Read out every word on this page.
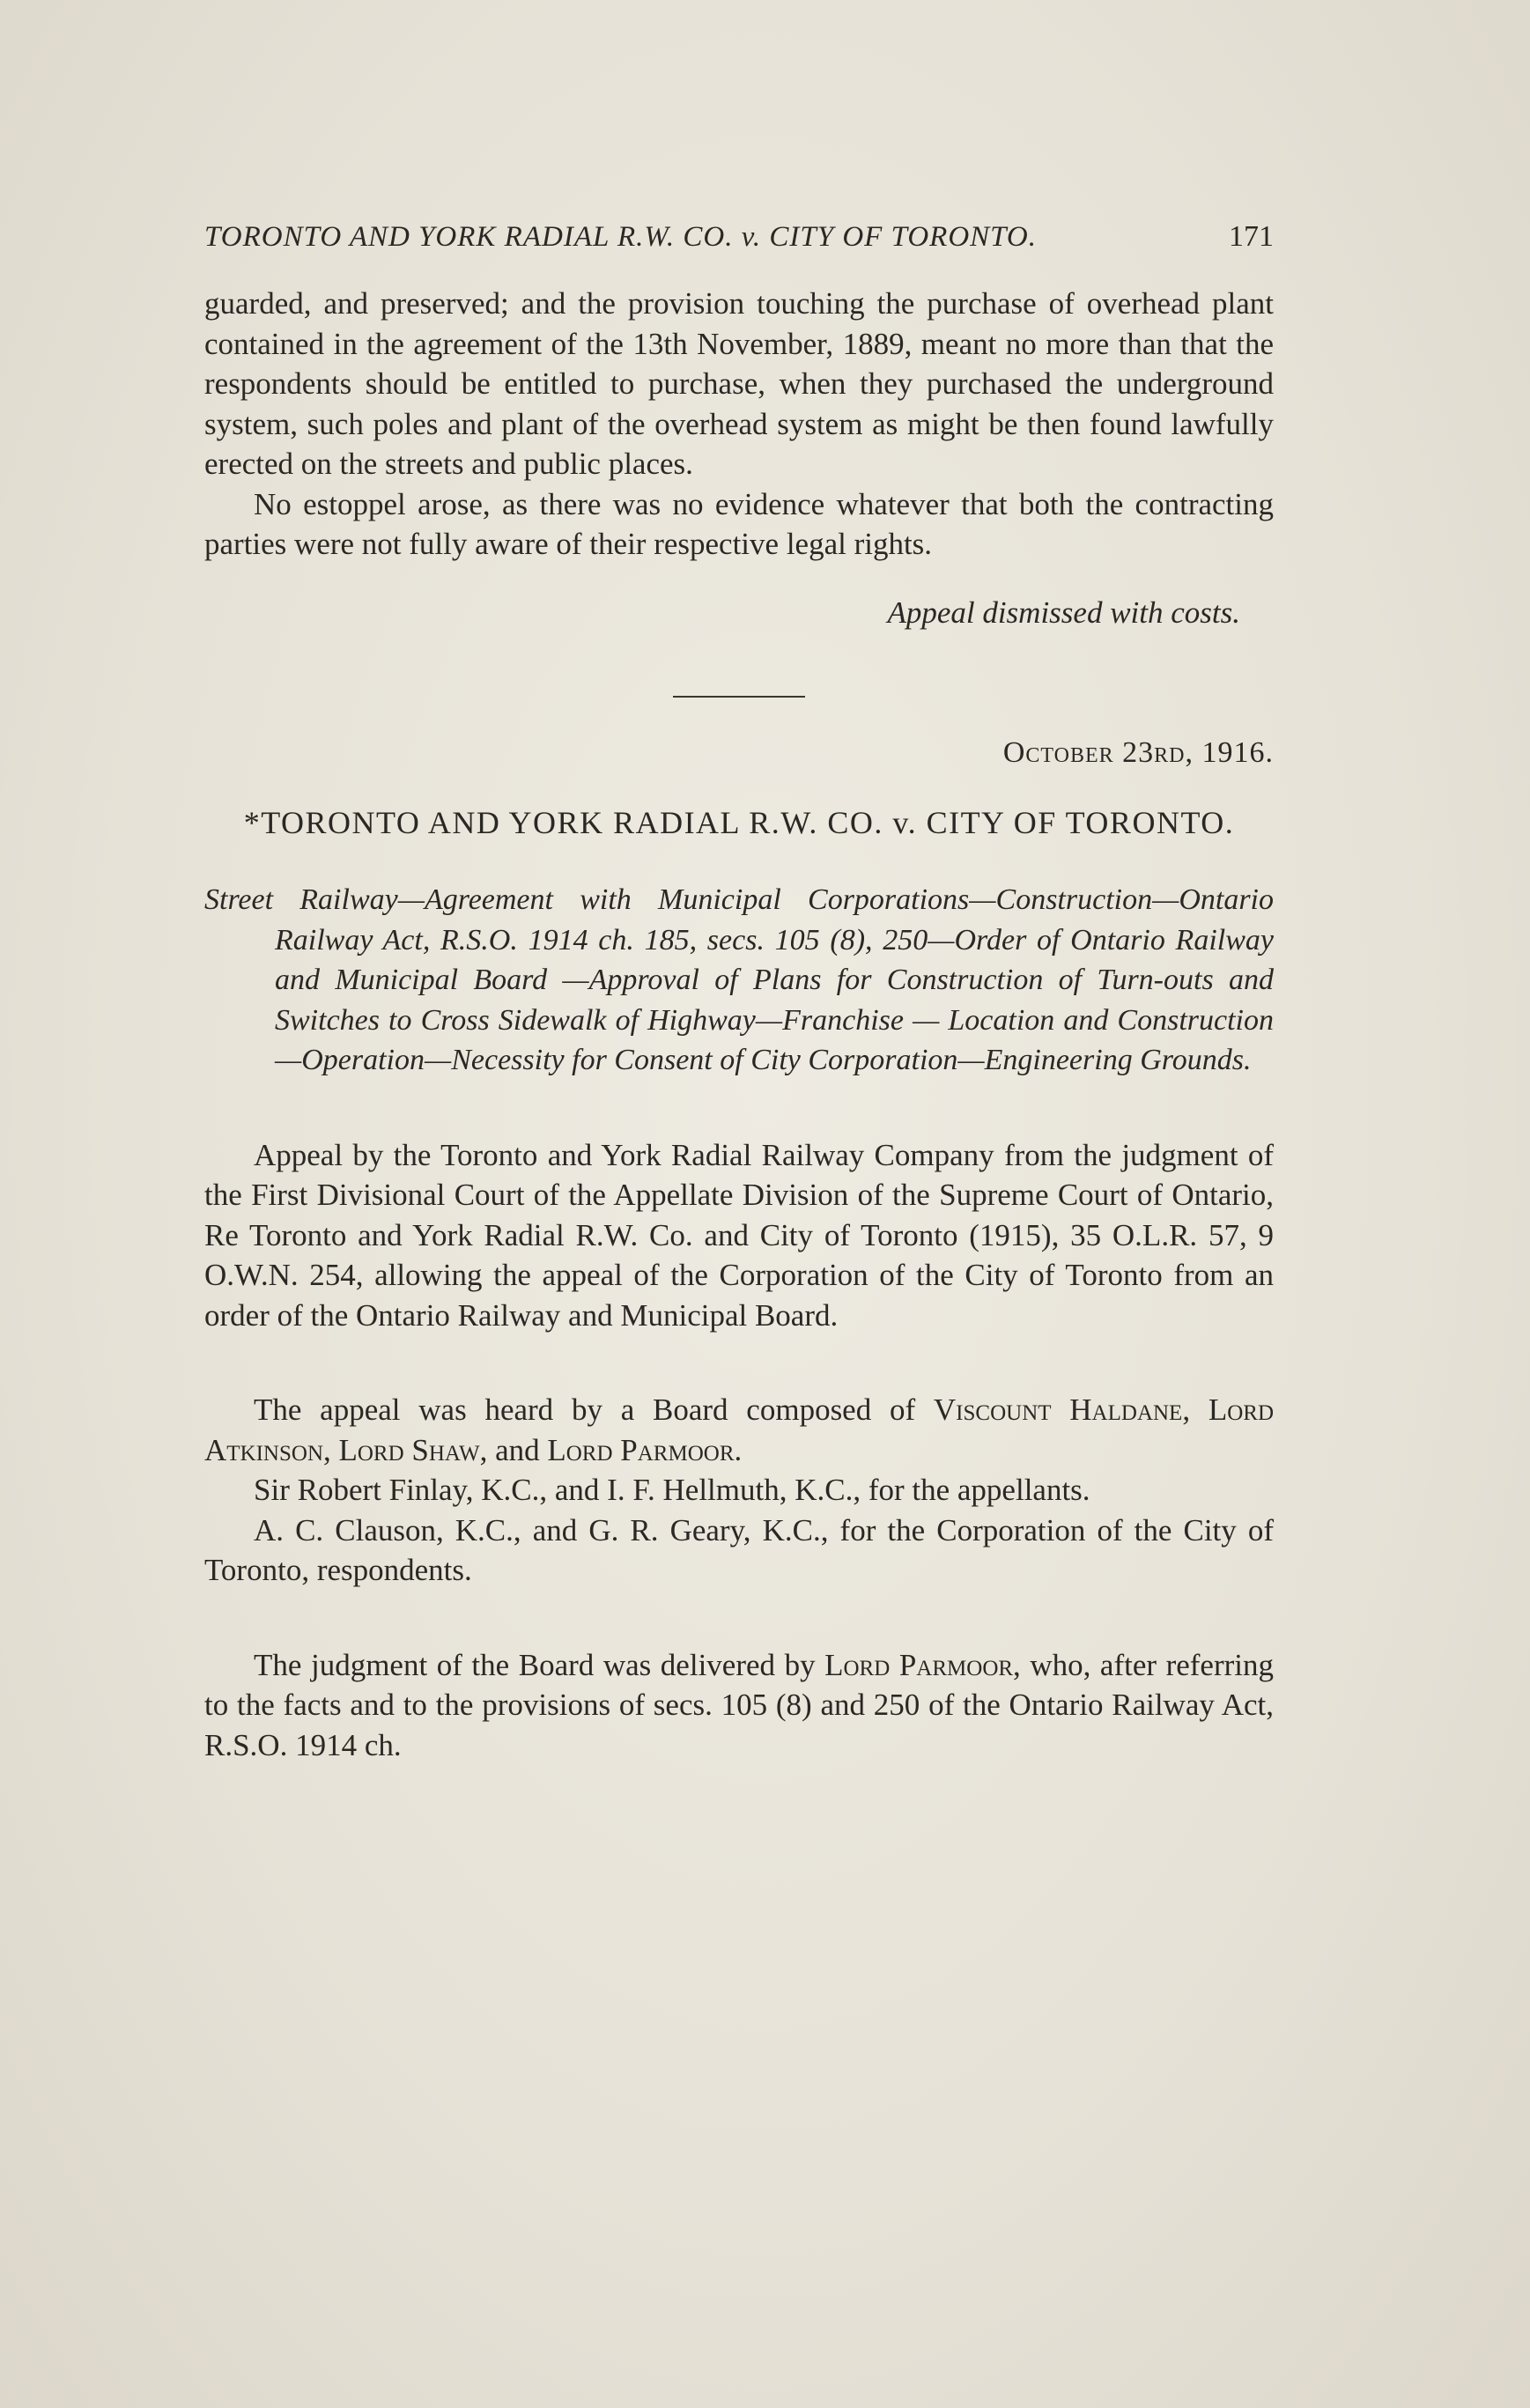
TORONTO AND YORK RADIAL R.W. CO. v. CITY OF TORONTO.	171

guarded, and preserved; and the provision touching the purchase of overhead plant contained in the agreement of the 13th November, 1889, meant no more than that the respondents should be entitled to purchase, when they purchased the underground system, such poles and plant of the overhead system as might be then found lawfully erected on the streets and public places.

No estoppel arose, as there was no evidence whatever that both the contracting parties were not fully aware of their respective legal rights.

Appeal dismissed with costs.

October 23rd, 1916.
*TORONTO AND YORK RADIAL R.W. CO. v. CITY OF TORONTO.

Street Railway—Agreement with Municipal Corporations—Construction—Ontario Railway Act, R.S.O. 1914 ch. 185, secs. 105 (8), 250—Order of Ontario Railway and Municipal Board —Approval of Plans for Construction of Turn-outs and Switches to Cross Sidewalk of Highway—Franchise — Location and Construction—Operation—Necessity for Consent of City Corporation—Engineering Grounds.

Appeal by the Toronto and York Radial Railway Company from the judgment of the First Divisional Court of the Appellate Division of the Supreme Court of Ontario, Re Toronto and York Radial R.W. Co. and City of Toronto (1915), 35 O.L.R. 57, 9 O.W.N. 254, allowing the appeal of the Corporation of the City of Toronto from an order of the Ontario Railway and Municipal Board.

The appeal was heard by a Board composed of Viscount Haldane, Lord Atkinson, Lord Shaw, and Lord Parmoor.

Sir Robert Finlay, K.C., and I. F. Hellmuth, K.C., for the appellants.

A. C. Clauson, K.C., and G. R. Geary, K.C., for the Corporation of the City of Toronto, respondents.

The judgment of the Board was delivered by Lord Parmoor, who, after referring to the facts and to the provisions of secs. 105 (8) and 250 of the Ontario Railway Act, R.S.O. 1914 ch.
